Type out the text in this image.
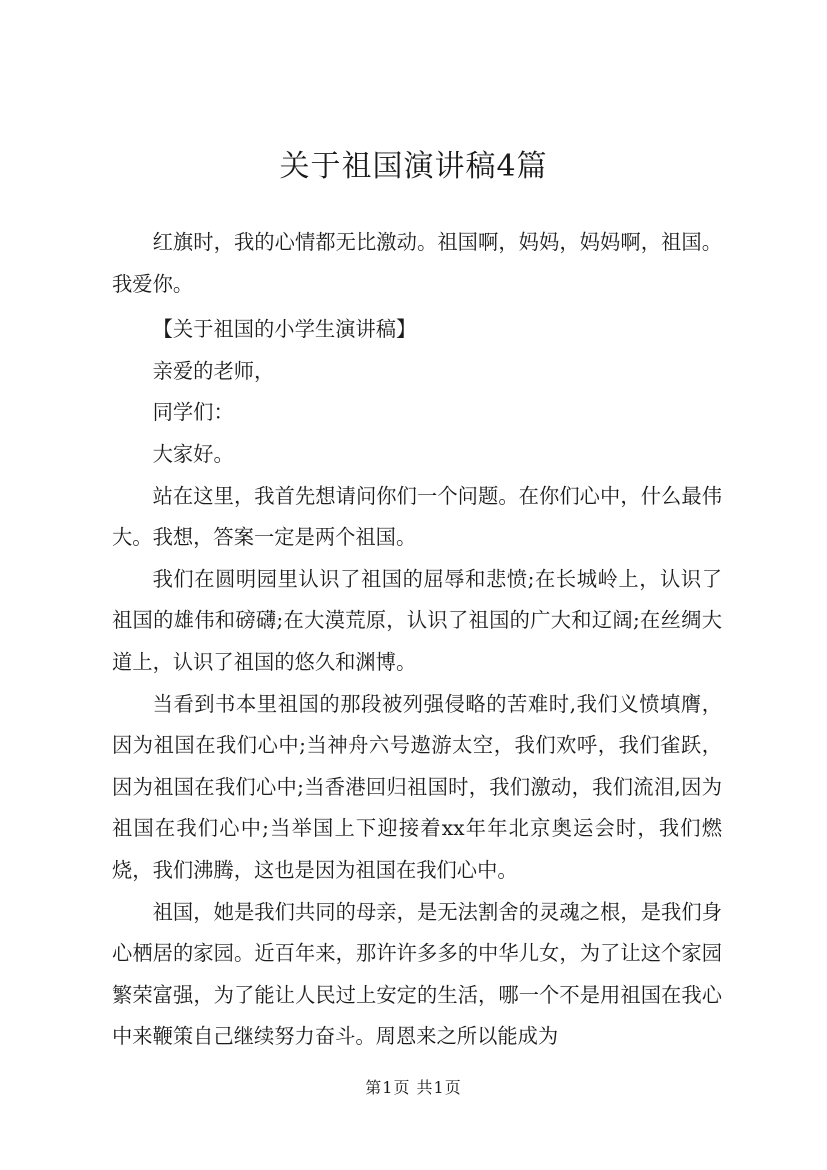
关于祖国演讲稿4篇

红旗时，我的心情都无比激动。祖国啊，妈妈，妈妈啊，祖国。我爱你。

【关于祖国的小学生演讲稿】

亲爱的老师，

同学们：

大家好。

站在这里，我首先想请问你们一个问题。在你们心中，什么最伟大。我想，答案一定是两个祖国。

我们在圆明园里认识了祖国的屈辱和悲愤;在长城岭上，认识了祖国的雄伟和磅礴;在大漠荒原，认识了祖国的广大和辽阔;在丝绸大道上，认识了祖国的悠久和渊博。

当看到书本里祖国的那段被列强侵略的苦难时,我们义愤填膺，因为祖国在我们心中;当神舟六号遨游太空，我们欢呼，我们雀跃，因为祖国在我们心中;当香港回归祖国时，我们激动，我们流泪,因为祖国在我们心中;当举国上下迎接着xx年年北京奥运会时，我们燃烧，我们沸腾，这也是因为祖国在我们心中。

祖国，她是我们共同的母亲，是无法割舍的灵魂之根，是我们身心栖居的家园。近百年来，那许许多多的中华儿女，为了让这个家园繁荣富强，为了能让人民过上安定的生活，哪一个不是用祖国在我心中来鞭策自己继续努力奋斗。周恩来之所以能成为

第1页 共1页
